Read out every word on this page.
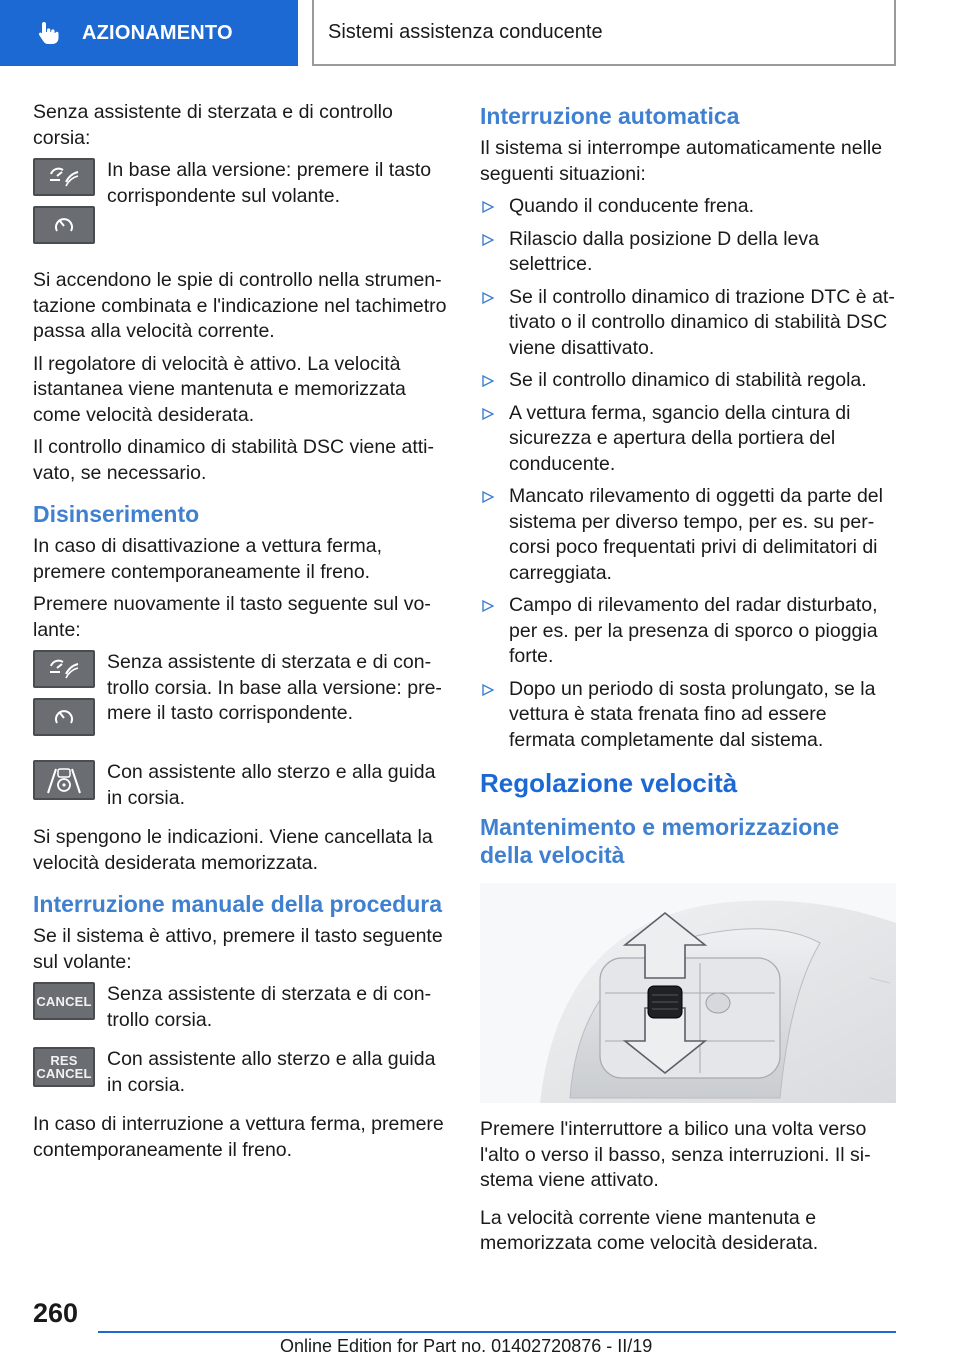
AZIONAMENTO	Sistemi assistenza conducente

Senza assistente di sterzata e di controllo corsia:

In base alla versione: premere il tasto corrispondente sul volante.

Si accendono le spie di controllo nella strumentazione combinata e l'indicazione nel tachimetro passa alla velocità corrente.

Il regolatore di velocità è attivo. La velocità istantanea viene mantenuta e memorizzata come velocità desiderata.

Il controllo dinamico di stabilità DSC viene attivato, se necessario.

Disinserimento

In caso di disattivazione a vettura ferma, premere contemporaneamente il freno.

Premere nuovamente il tasto seguente sul volante:

Senza assistente di sterzata e di controllo corsia. In base alla versione: premere il tasto corrispondente.
Con assistente allo sterzo e alla guida in corsia.

Si spengono le indicazioni. Viene cancellata la velocità desiderata memorizzata.

Interruzione manuale della procedura

Se il sistema è attivo, premere il tasto seguente sul volante:

CANCEL Senza assistente di sterzata e di controllo corsia.
RES
CANCEL
Con assistente allo sterzo e alla guida in corsia.

In caso di interruzione a vettura ferma, premere contemporaneamente il freno.

Interruzione automatica

Il sistema si interrompe automaticamente nelle seguenti situazioni:

Quando il conducente frena.
Rilascio dalla posizione D della leva selettrice.
Se il controllo dinamico di trazione DTC è attivato o il controllo dinamico di stabilità DSC viene disattivato.
Se il controllo dinamico di stabilità regola.
A vettura ferma, sgancio della cintura di sicurezza e apertura della portiera del conducente.
Mancato rilevamento di oggetti da parte del sistema per diverso tempo, per es. su percorsi poco frequentati privi di delimitatori di carreggiata.
Campo di rilevamento del radar disturbato, per es. per la presenza di sporco o pioggia forte.
Dopo un periodo di sosta prolungato, se la vettura è stata frenata fino ad essere fermata completamente dal sistema.
Regolazione velocità
Mantenimento e memorizzazione della velocità

Premere l'interruttore a bilico una volta verso l'alto o verso il basso, senza interruzioni. Il sistema viene attivato.

La velocità corrente viene mantenuta e memorizzata come velocità desiderata.

260
Online Edition for Part no. 01402720876 - II/19
